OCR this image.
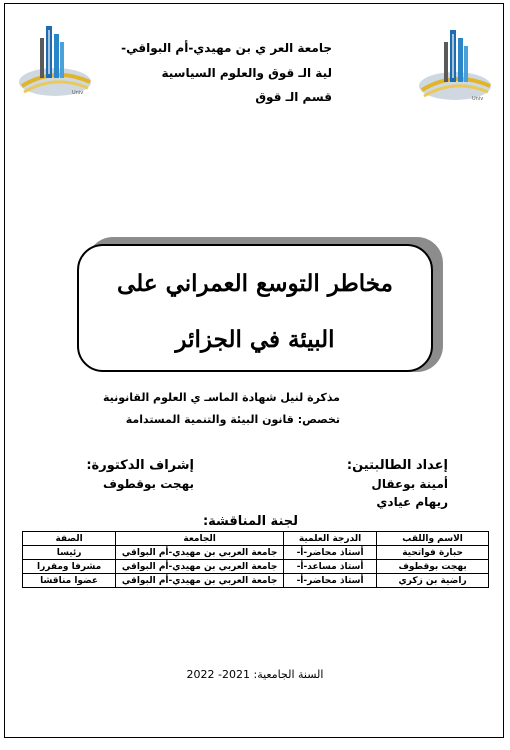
Univ
Univ
جامعة العر ي بن مهيدي-أم البواقي-
لية الـ قوق والعلوم السياسية
قسم الـ قوق
مخاطر التوسع العمراني على
البيئة في الجزائر
مذكرة لنيل شهادة الماسـ ي العلوم القانونية
تخصص: قانون البيئة والتنمية المستدامة
إعداد الطالبتين:
أمينة بوعقال
ريهام عيادي
إشراف الدكتورة:
بهجت بوقطوف
لجنة المناقشة:
الاسم واللقب	الدرجة العلمية	الجامعة	الصفة
حبارة فواتحية	أستاذ محاضر-أ-	جامعة العربي بن مهيدي-أم البواقي	رئيسا
بهجت بوقطوف	أستاذ مساعد-أ-	جامعة العربي بن مهيدي-أم البواقي	مشرفا ومقررا
راضية بن زكري	أستاذ محاضر-أ-	جامعة العربي بن مهيدي-أم البواقي	عضوا مناقشا
السنة الجامعية: 2021- 2022
